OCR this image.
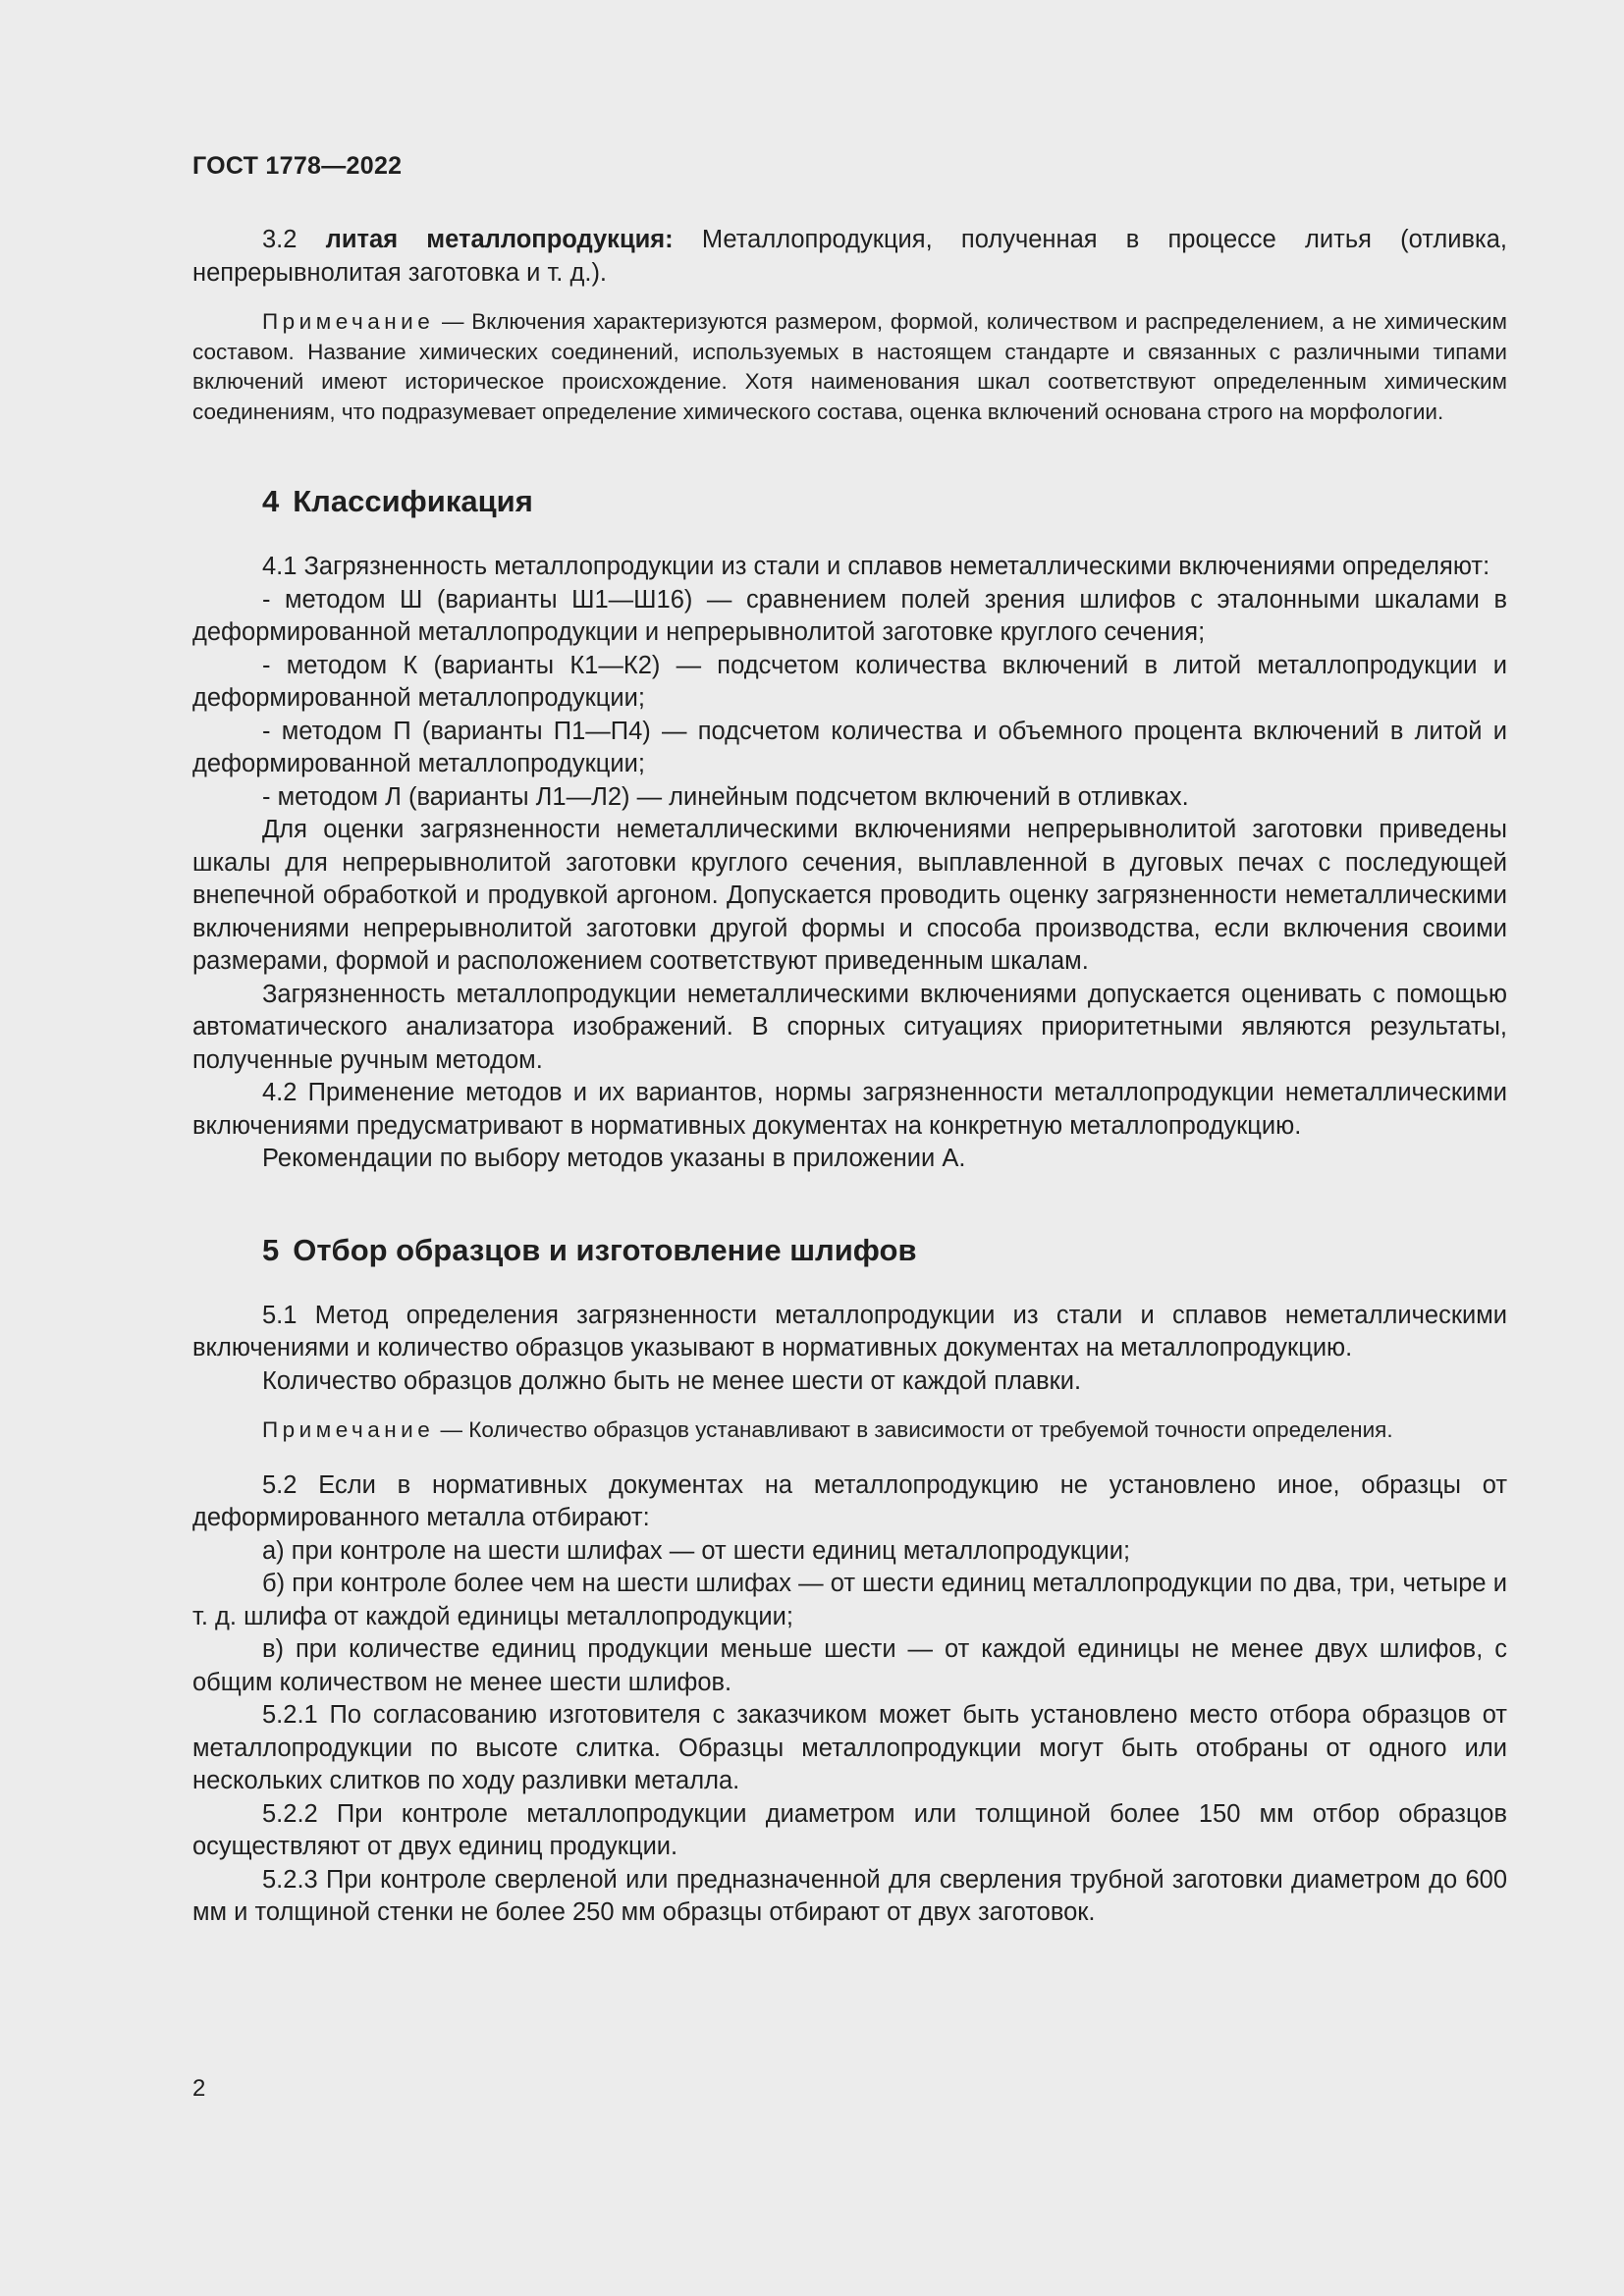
ГОСТ 1778—2022

3.2 литая металлопродукция: Металлопродукция, полученная в процессе литья (отливка, непрерывнолитая заготовка и т. д.).

Примечание — Включения характеризуются размером, формой, количеством и распределением, а не химическим составом. Название химических соединений, используемых в настоящем стандарте и связанных с различными типами включений имеют историческое происхождение. Хотя наименования шкал соответствуют определенным химическим соединениям, что подразумевает определение химического состава, оценка включений основана строго на морфологии.

4 Классификация

4.1 Загрязненность металлопродукции из стали и сплавов неметаллическими включениями определяют:

- методом Ш (варианты Ш1—Ш16) — сравнением полей зрения шлифов с эталонными шкалами в деформированной металлопродукции и непрерывнолитой заготовке круглого сечения;

- методом К (варианты К1—К2) — подсчетом количества включений в литой металлопродукции и деформированной металлопродукции;

- методом П (варианты П1—П4) — подсчетом количества и объемного процента включений в литой и деформированной металлопродукции;

- методом Л (варианты Л1—Л2) — линейным подсчетом включений в отливках.

Для оценки загрязненности неметаллическими включениями непрерывнолитой заготовки приведены шкалы для непрерывнолитой заготовки круглого сечения, выплавленной в дуговых печах с последующей внепечной обработкой и продувкой аргоном. Допускается проводить оценку загрязненности неметаллическими включениями непрерывнолитой заготовки другой формы и способа производства, если включения своими размерами, формой и расположением соответствуют приведенным шкалам.

Загрязненность металлопродукции неметаллическими включениями допускается оценивать с помощью автоматического анализатора изображений. В спорных ситуациях приоритетными являются результаты, полученные ручным методом.

4.2 Применение методов и их вариантов, нормы загрязненности металлопродукции неметаллическими включениями предусматривают в нормативных документах на конкретную металлопродукцию.

Рекомендации по выбору методов указаны в приложении А.

5 Отбор образцов и изготовление шлифов

5.1 Метод определения загрязненности металлопродукции из стали и сплавов неметаллическими включениями и количество образцов указывают в нормативных документах на металлопродукцию.

Количество образцов должно быть не менее шести от каждой плавки.

Примечание — Количество образцов устанавливают в зависимости от требуемой точности определения.

5.2 Если в нормативных документах на металлопродукцию не установлено иное, образцы от деформированного металла отбирают:

а) при контроле на шести шлифах — от шести единиц металлопродукции;

б) при контроле более чем на шести шлифах — от шести единиц металлопродукции по два, три, четыре и т. д. шлифа от каждой единицы металлопродукции;

в) при количестве единиц продукции меньше шести — от каждой единицы не менее двух шлифов, с общим количеством не менее шести шлифов.

5.2.1 По согласованию изготовителя с заказчиком может быть установлено место отбора образцов от металлопродукции по высоте слитка. Образцы металлопродукции могут быть отобраны от одного или нескольких слитков по ходу разливки металла.

5.2.2 При контроле металлопродукции диаметром или толщиной более 150 мм отбор образцов осуществляют от двух единиц продукции.

5.2.3 При контроле сверленой или предназначенной для сверления трубной заготовки диаметром до 600 мм и толщиной стенки не более 250 мм образцы отбирают от двух заготовок.

2
